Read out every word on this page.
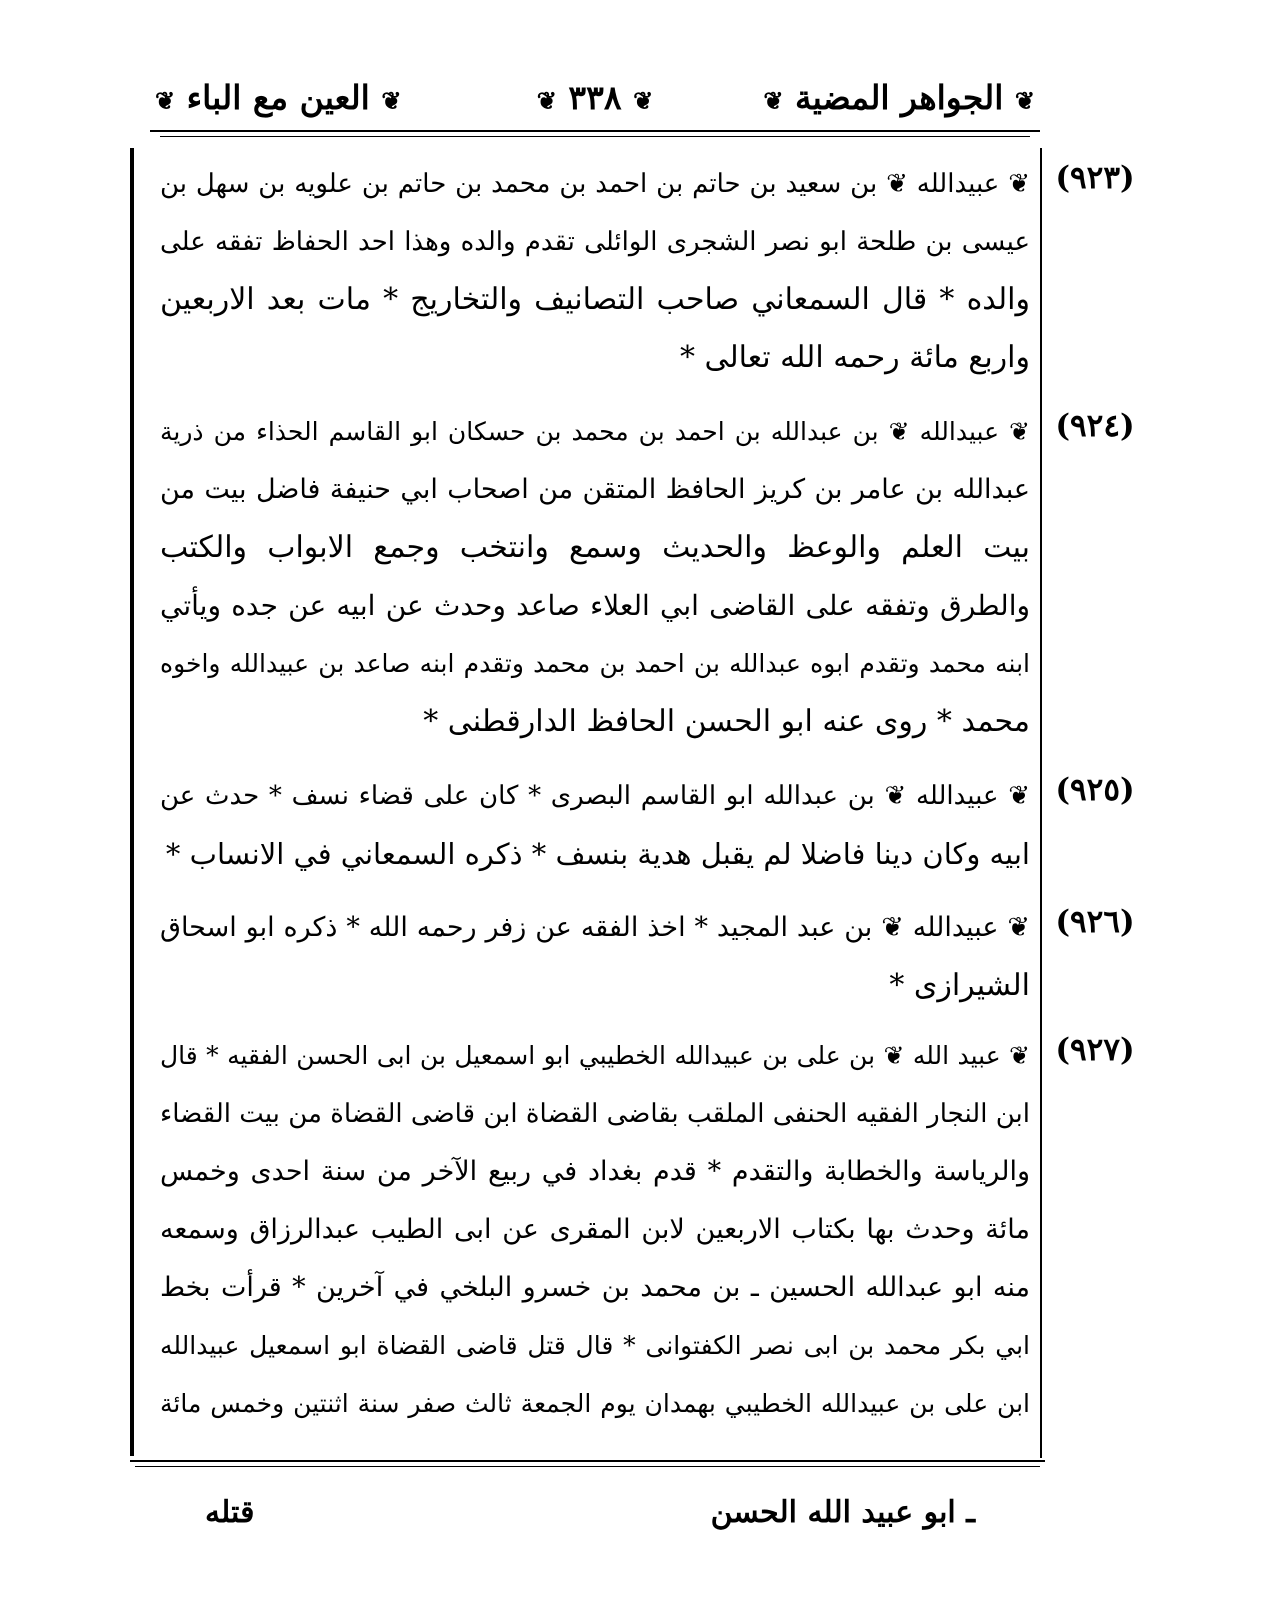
❦ الجواهر المضية ❦
❦ ٣٣٨ ❦
❦ العين مع الباء ❦
(٩٢٣)
❦ عبيدالله ❦ بن سعيد بن حاتم بن احمد بن محمد بن حاتم بن علويه بن سهل بن
عيسى بن طلحة ابو نصر الشجرى الوائلى تقدم والده وهذا احد الحفاظ تفقه على
والده * قال السمعاني صاحب التصانيف والتخاريج * مات بعد الاربعين
واربع مائة رحمه الله تعالى *
(٩٢٤)
❦ عبيدالله ❦ بن عبدالله بن احمد بن محمد بن حسكان ابو القاسم الحذاء من ذرية
عبدالله بن عامر بن كريز الحافظ المتقن من اصحاب ابي حنيفة فاضل بيت من
بيت العلم والوعظ والحديث وسمع وانتخب وجمع الابواب والكتب
والطرق وتفقه على القاضى ابي العلاء صاعد وحدث عن ابيه عن جده ويأتي
ابنه محمد وتقدم ابوه عبدالله بن احمد بن محمد وتقدم ابنه صاعد بن عبيدالله واخوه
محمد * روى عنه ابو الحسن الحافظ الدارقطنى *
(٩٢٥)
❦ عبيدالله ❦ بن عبدالله ابو القاسم البصرى * كان على قضاء نسف * حدث عن
ابيه وكان دينا فاضلا لم يقبل هدية بنسف * ذكره السمعاني في الانساب *
(٩٢٦)
❦ عبيدالله ❦ بن عبد المجيد * اخذ الفقه عن زفر رحمه الله * ذكره ابو اسحاق
الشيرازى *
(٩٢٧)
❦ عبيد الله ❦ بن على بن عبيدالله الخطيبي ابو اسمعيل بن ابى الحسن الفقيه * قال
ابن النجار الفقيه الحنفى الملقب بقاضى القضاة ابن قاضى القضاة من بيت القضاء
والرياسة والخطابة والتقدم * قدم بغداد في ربيع الآخر من سنة احدى وخمس
مائة وحدث بها بكتاب الاربعين لابن المقرى عن ابى الطيب عبدالرزاق وسمعه
منه ابو عبدالله الحسين ـ بن محمد بن خسرو البلخي في آخرين * قرأت بخط
ابي بكر محمد بن ابى نصر الكفتوانى * قال قتل قاضى القضاة ابو اسمعيل عبيدالله
ابن على بن عبيدالله الخطيبي بهمدان يوم الجمعة ثالث صفر سنة اثنتين وخمس مائة
ـ ابو عبيد الله الحسن
قتله
